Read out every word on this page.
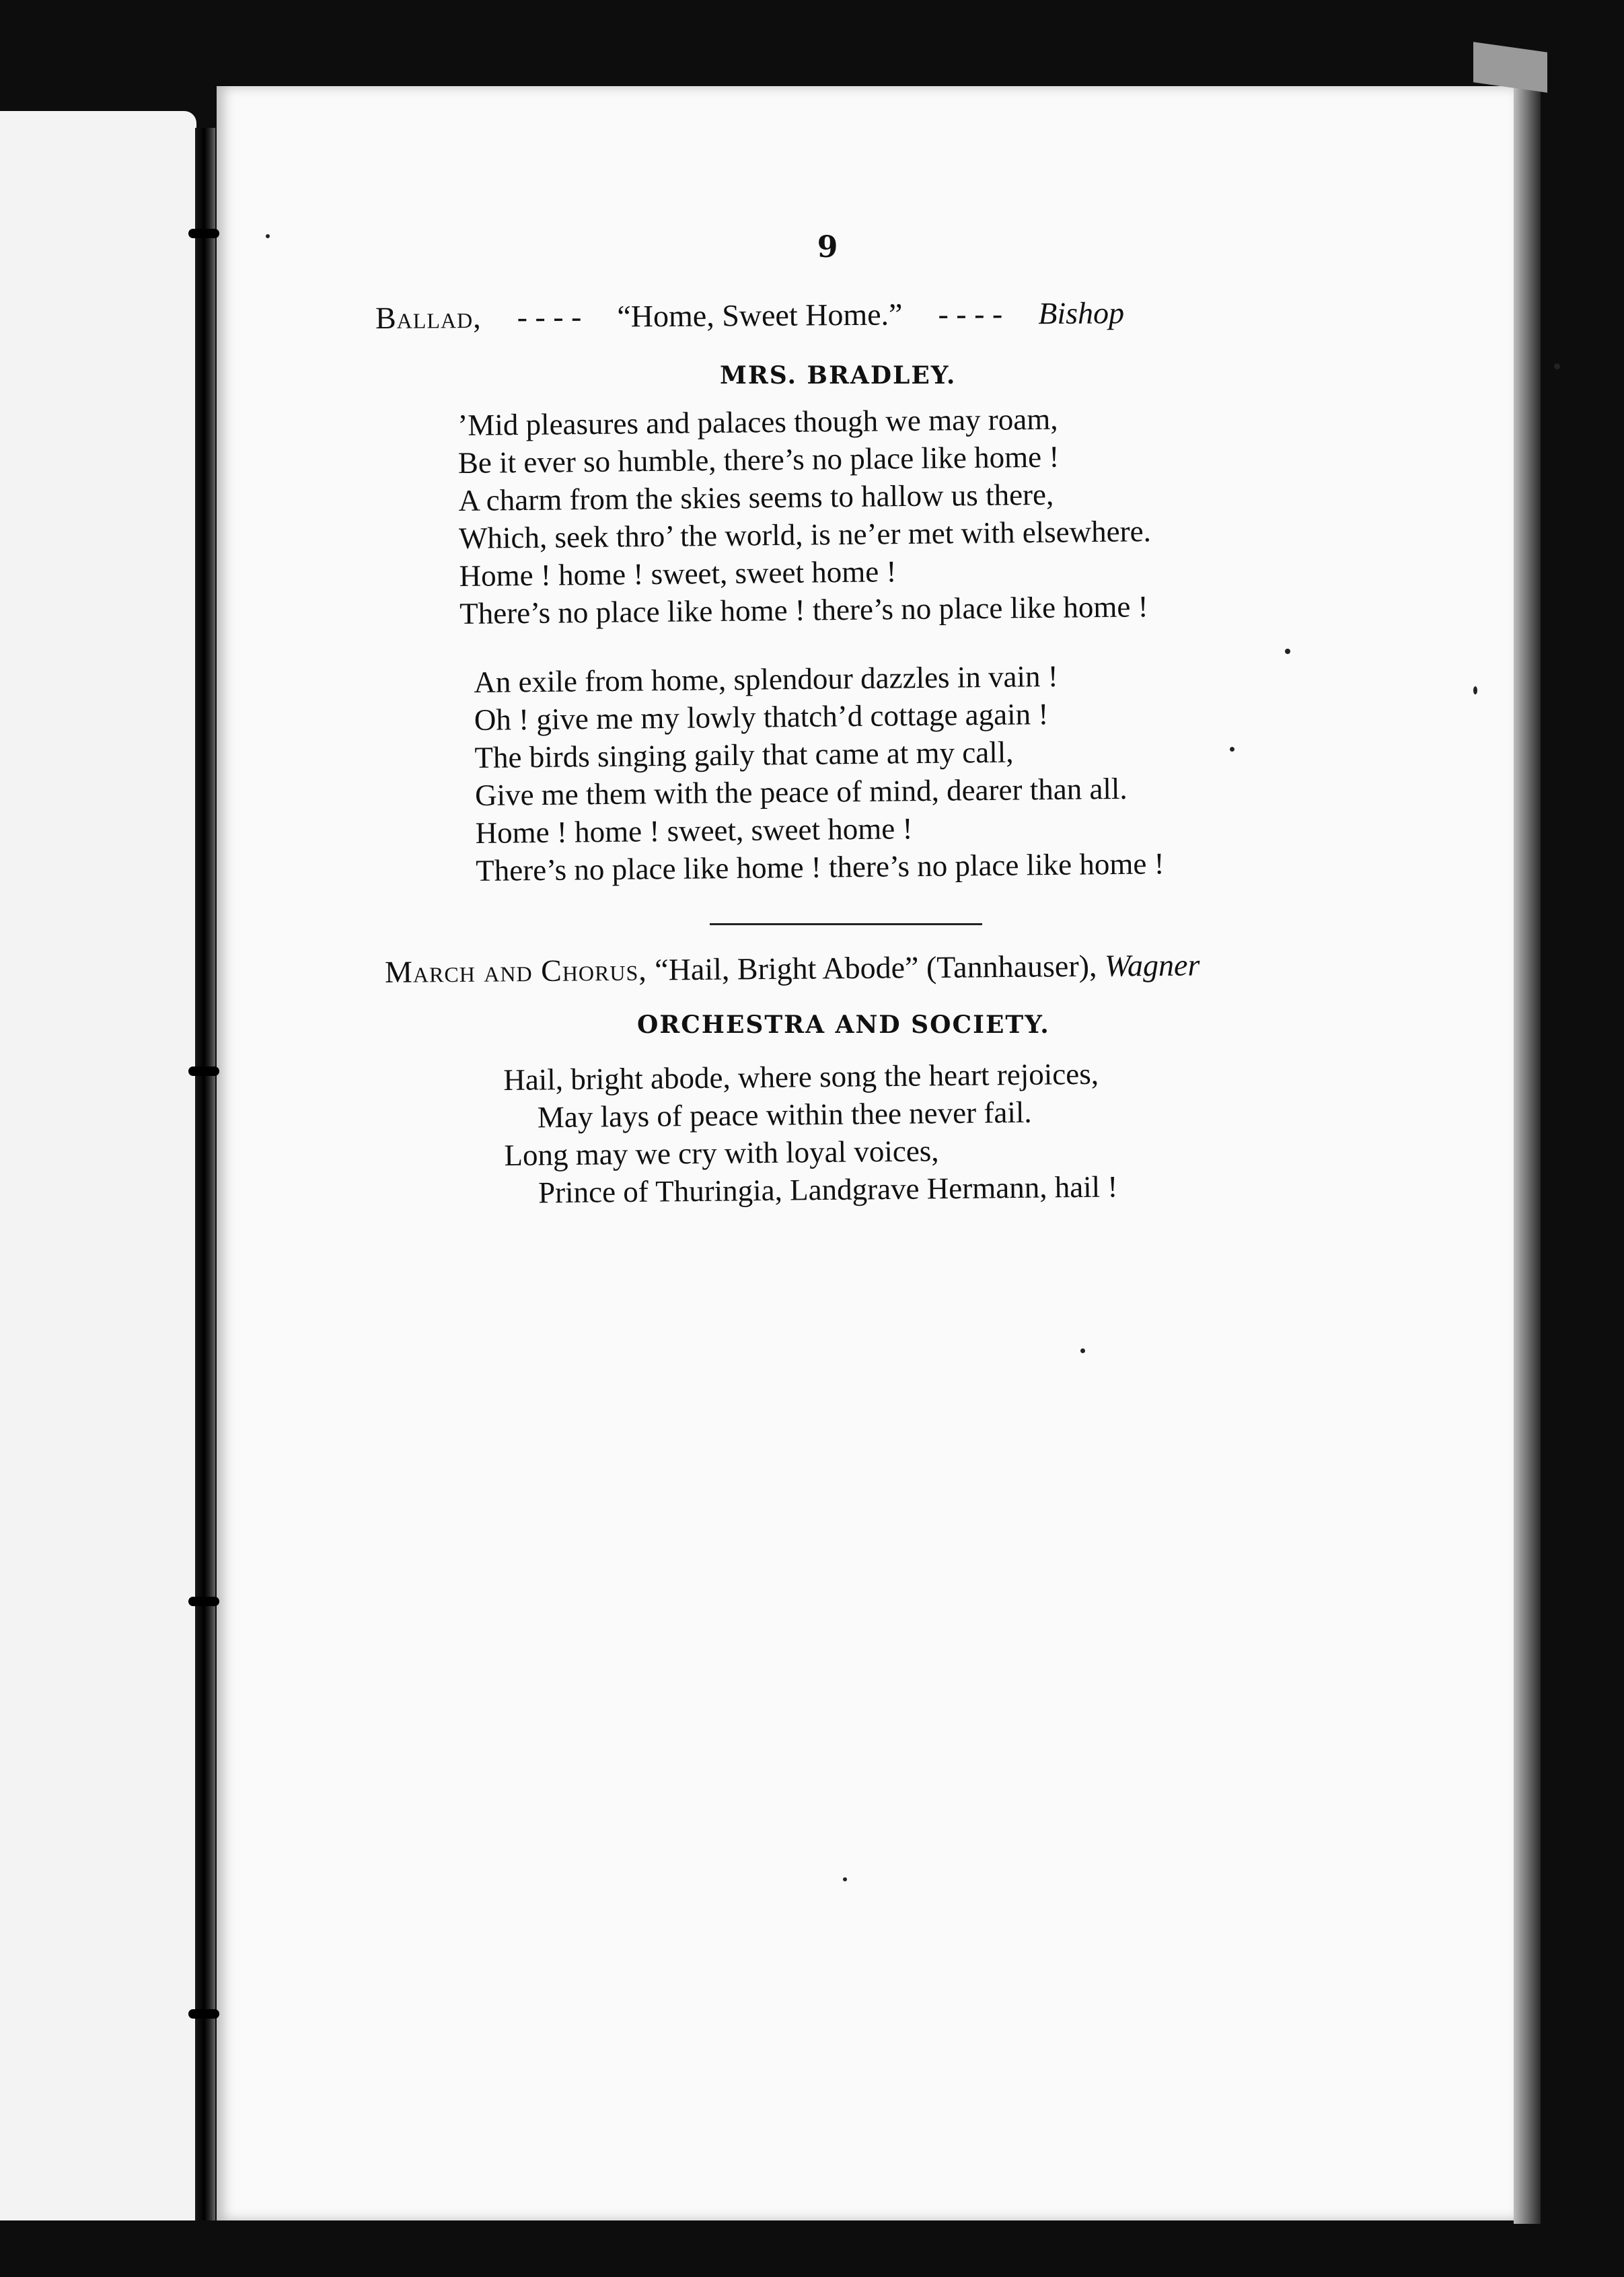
9
Ballad, - - - - “Home, Sweet Home.” - - - - Bishop
MRS. BRADLEY.
’Mid pleasures and palaces though we may roam,
Be it ever so humble, there’s no place like home !
A charm from the skies seems to hallow us there,
Which, seek thro’ the world, is ne’er met with elsewhere.
Home ! home ! sweet, sweet home !
There’s no place like home ! there’s no place like home !
An exile from home, splendour dazzles in vain !
Oh ! give me my lowly thatch’d cottage again !
The birds singing gaily that came at my call,
Give me them with the peace of mind, dearer than all.
Home ! home ! sweet, sweet home !
There’s no place like home ! there’s no place like home !
March and Chorus, “Hail, Bright Abode” (Tannhauser), Wagner
ORCHESTRA AND SOCIETY.
Hail, bright abode, where song the heart rejoices,
May lays of peace within thee never fail.
Long may we cry with loyal voices,
Prince of Thuringia, Landgrave Hermann, hail !
